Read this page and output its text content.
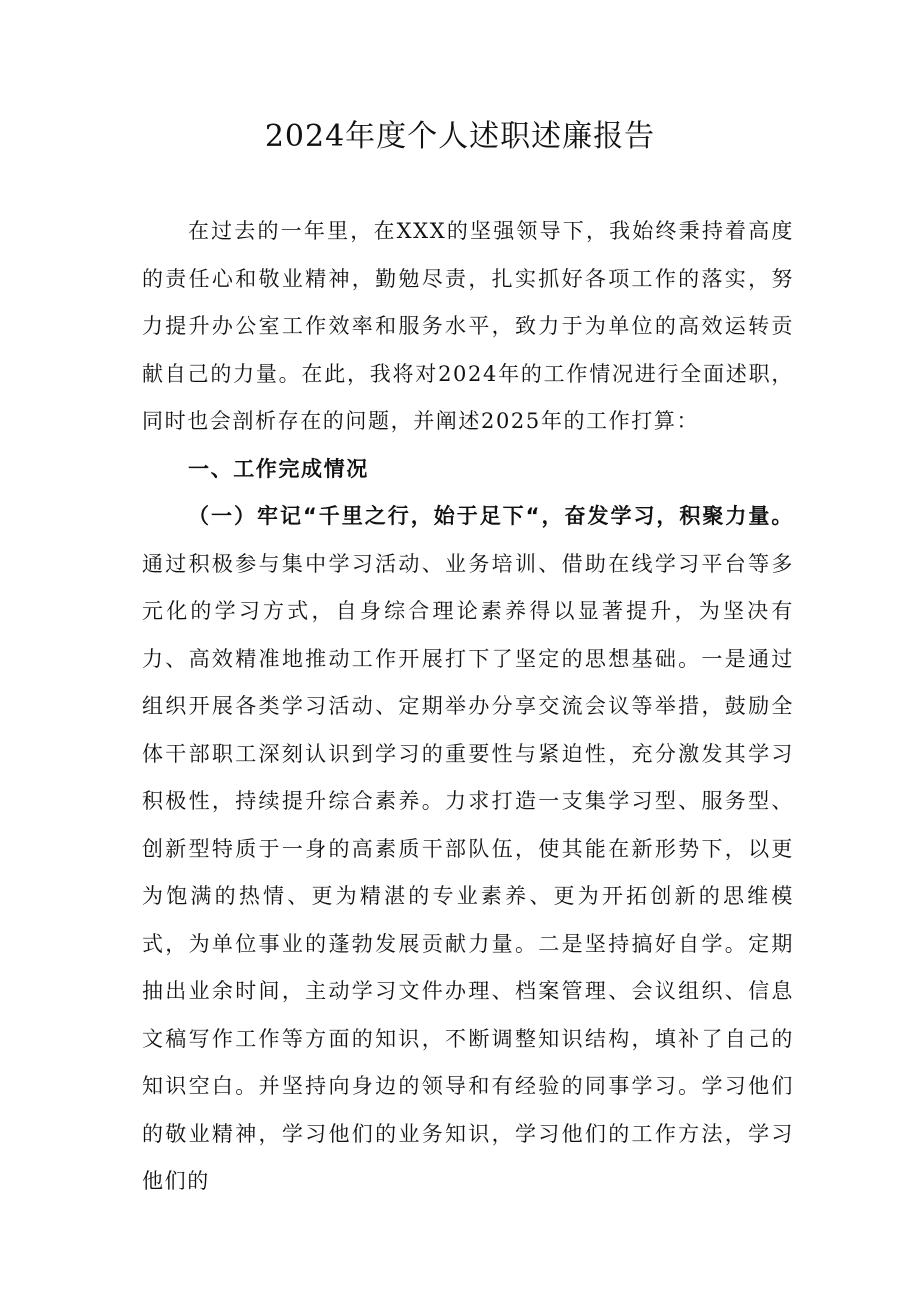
2024年度个人述职述廉报告

在过去的一年里，在XXX的坚强领导下，我始终秉持着高度的责任心和敬业精神，勤勉尽责，扎实抓好各项工作的落实，努力提升办公室工作效率和服务水平，致力于为单位的高效运转贡献自己的力量。在此，我将对2024年的工作情况进行全面述职，同时也会剖析存在的问题，并阐述2025年的工作打算：

一、工作完成情况

（一）牢记“千里之行，始于足下“，奋发学习，积聚力量。通过积极参与集中学习活动、业务培训、借助在线学习平台等多元化的学习方式，自身综合理论素养得以显著提升，为坚决有力、高效精准地推动工作开展打下了坚定的思想基础。一是通过组织开展各类学习活动、定期举办分享交流会议等举措，鼓励全体干部职工深刻认识到学习的重要性与紧迫性，充分激发其学习积极性，持续提升综合素养。力求打造一支集学习型、服务型、创新型特质于一身的高素质干部队伍，使其能在新形势下，以更为饱满的热情、更为精湛的专业素养、更为开拓创新的思维模式，为单位事业的蓬勃发展贡献力量。二是坚持搞好自学。定期抽出业余时间，主动学习文件办理、档案管理、会议组织、信息文稿写作工作等方面的知识，不断调整知识结构，填补了自己的知识空白。并坚持向身边的领导和有经验的同事学习。学习他们的敬业精神，学习他们的业务知识，学习他们的工作方法，学习他们的
